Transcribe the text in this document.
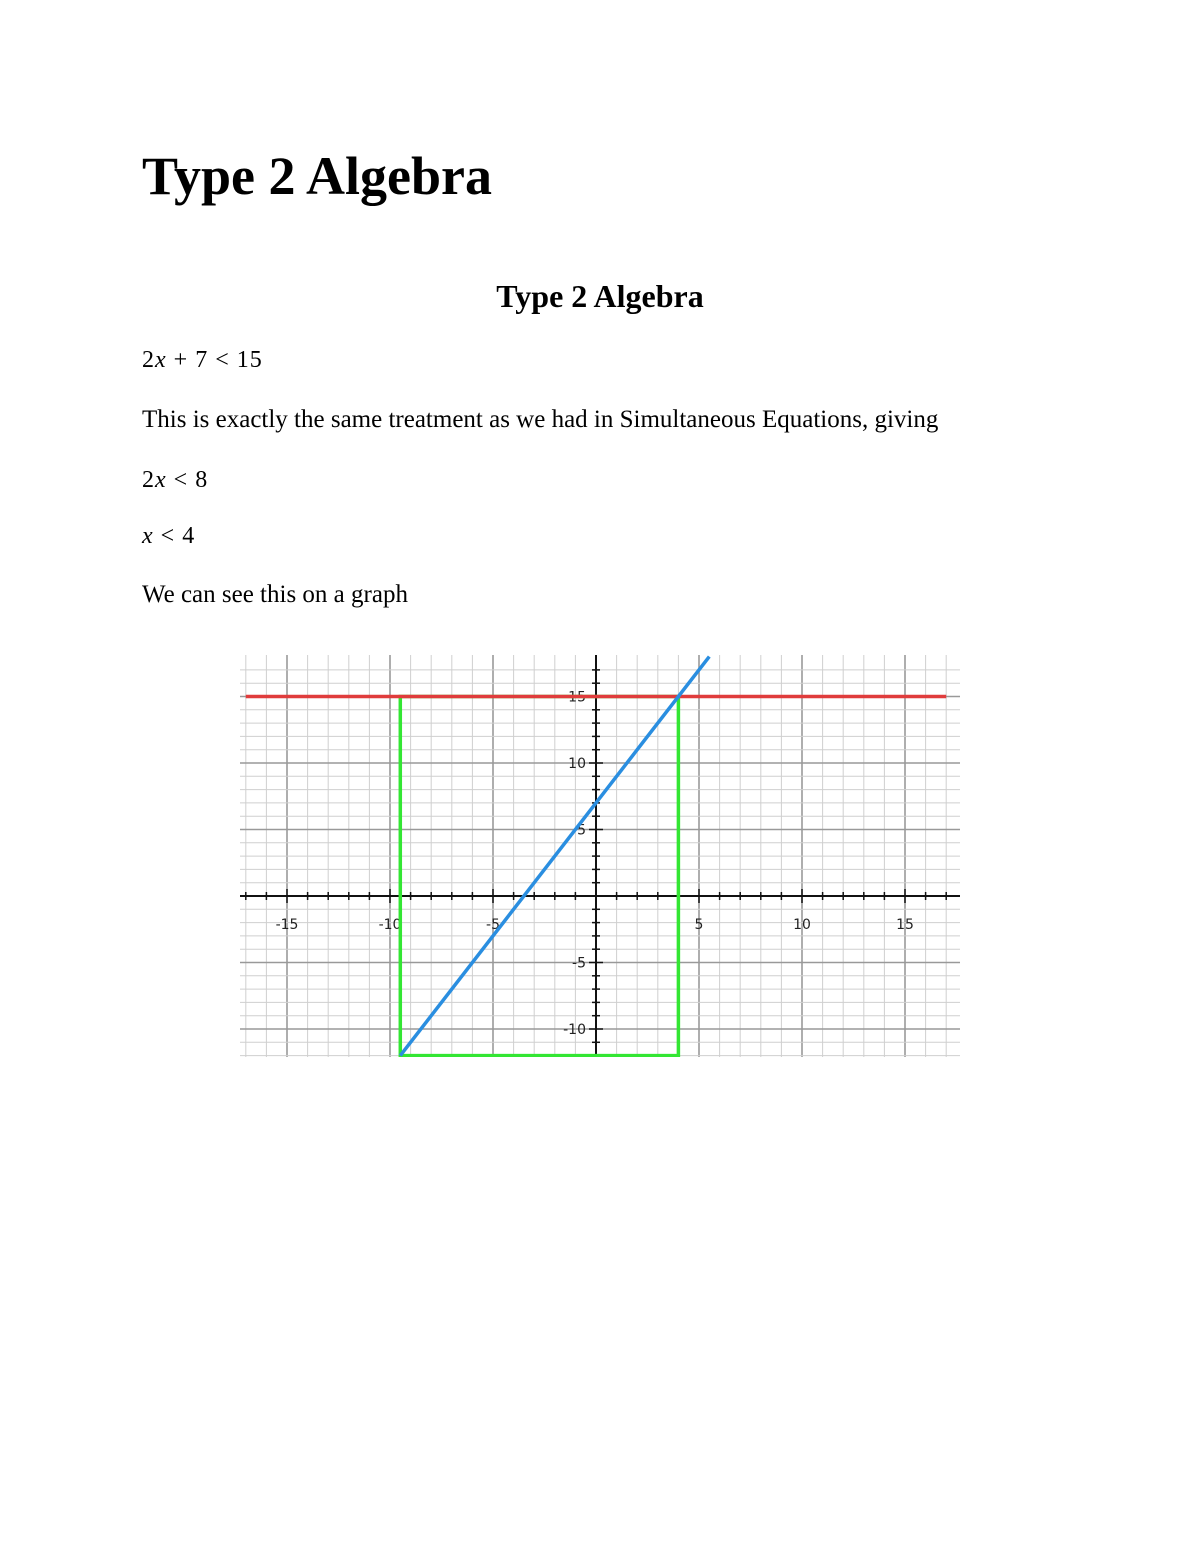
Type 2 Algebra
Type 2 Algebra

2x + 7 < 15

This is exactly the same treatment as we had in Simultaneous Equations, giving

2x < 8

x < 4

We can see this on a graph

-15	-10	-5	5	10	15
15
10
5
-5
-10
